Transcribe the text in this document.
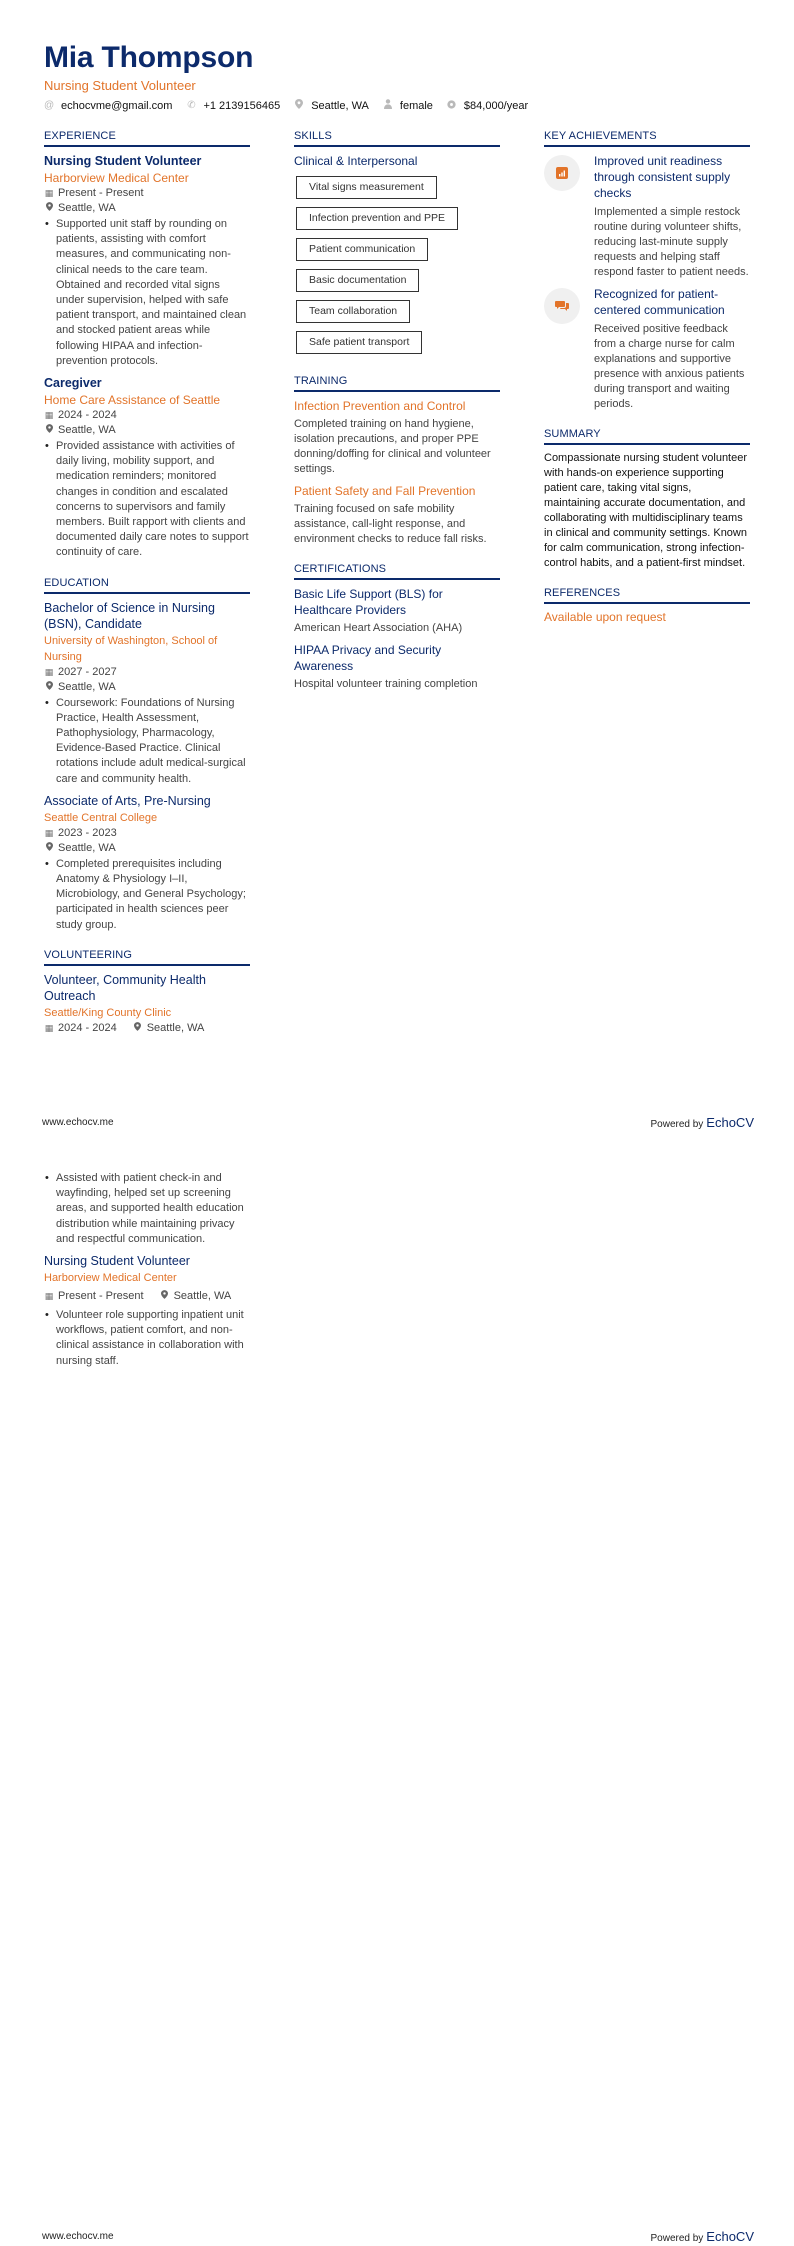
Mia Thompson
Nursing Student Volunteer
@ echocvme@gmail.com ✆ +1 2139156465	Seattle, WA	female	$84,000/year
EXPERIENCE
Nursing Student Volunteer
Harborview Medical Center
▦ Present - Present
Seattle, WA
• Supported unit staff by rounding on patients, assisting with comfort measures, and communicating non-clinical needs to the care team. Obtained and recorded vital signs under supervision, helped with safe patient transport, and maintained clean and stocked patient areas while following HIPAA and infection-prevention protocols.
Caregiver
Home Care Assistance of Seattle
▦ 2024 - 2024
Seattle, WA
• Provided assistance with activities of daily living, mobility support, and medication reminders; monitored changes in condition and escalated concerns to supervisors and family members. Built rapport with clients and documented daily care notes to support continuity of care.
EDUCATION
Bachelor of Science in Nursing (BSN), Candidate
University of Washington, School of Nursing
▦ 2027 - 2027
Seattle, WA
• Coursework: Foundations of Nursing Practice, Health Assessment, Pathophysiology, Pharmacology, Evidence-Based Practice. Clinical rotations include adult medical-surgical care and community health.
Associate of Arts, Pre-Nursing
Seattle Central College
▦ 2023 - 2023
Seattle, WA
• Completed prerequisites including Anatomy & Physiology I–II, Microbiology, and General Psychology; participated in health sciences peer study group.
VOLUNTEERING
Volunteer, Community Health Outreach
Seattle/King County Clinic
▦ 2024 - 2024	Seattle, WA
SKILLS
Clinical & Interpersonal
Vital signs measurement
Infection prevention and PPE
Patient communication
Basic documentation
Team collaboration
Safe patient transport
TRAINING
Infection Prevention and Control
Completed training on hand hygiene, isolation precautions, and proper PPE donning/doffing for clinical and volunteer settings.
Patient Safety and Fall Prevention
Training focused on safe mobility assistance, call-light response, and environment checks to reduce fall risks.
CERTIFICATIONS
Basic Life Support (BLS) for Healthcare Providers
American Heart Association (AHA)
HIPAA Privacy and Security Awareness
Hospital volunteer training completion
KEY ACHIEVEMENTS
Improved unit readiness through consistent supply checks
Implemented a simple restock routine during volunteer shifts, reducing last-minute supply requests and helping staff respond faster to patient needs.
Recognized for patient-centered communication
Received positive feedback from a charge nurse for calm explanations and supportive presence with anxious patients during transport and waiting periods.
SUMMARY
Compassionate nursing student volunteer with hands-on experience supporting patient care, taking vital signs, maintaining accurate documentation, and collaborating with multidisciplinary teams in clinical and community settings. Known for calm communication, strong infection-control habits, and a patient-first mindset.
REFERENCES
Available upon request
www.echocv.me	Powered by EchoCV
• Assisted with patient check-in and wayfinding, helped set up screening areas, and supported health education distribution while maintaining privacy and respectful communication.
Nursing Student Volunteer
Harborview Medical Center
▦ Present - Present	Seattle, WA
• Volunteer role supporting inpatient unit workflows, patient comfort, and non-clinical assistance in collaboration with nursing staff.
www.echocv.me	Powered by EchoCV
